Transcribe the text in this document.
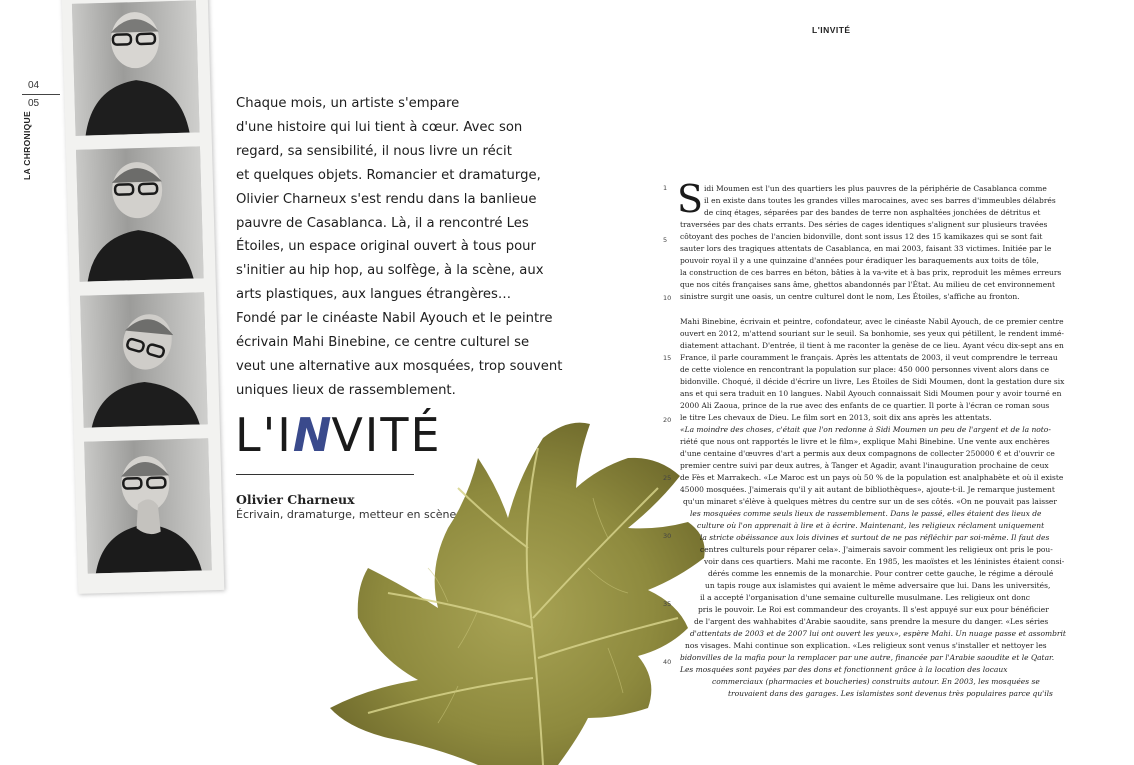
04
05
LA CHRONIQUE
Chaque mois, un artiste s'empare
d'une histoire qui lui tient à cœur. Avec son
regard, sa sensibilité, il nous livre un récit
et quelques objets. Romancier et dramaturge,
Olivier Charneux s'est rendu dans la banlieue
pauvre de Casablanca. Là, il a rencontré Les
Étoiles, un espace original ouvert à tous pour
s'initier au hip hop, au solfège, à la scène, aux
arts plastiques, aux langues étrangères…
Fondé par le cinéaste Nabil Ayouch et le peintre
écrivain Mahi Binebine, ce centre culturel se
veut une alternative aux mosquées, trop souvent
uniques lieux de rassemblement.
L'INVITÉ
Olivier Charneux
Écrivain, dramaturge, metteur en scène
L'INVITÉ
S
1
5
10
15
20
25
30
35
40
idi Moumen est l'un des quartiers les plus pauvres de la périphérie de Casablanca comme
il en existe dans toutes les grandes villes marocaines, avec ses barres d'immeubles délabrés
de cinq étages, séparées par des bandes de terre non asphaltées jonchées de détritus et
traversées par des chats errants. Des séries de cages identiques s'alignent sur plusieurs travées
côtoyant des poches de l'ancien bidonville, dont sont issus 12 des 15 kamikazes qui se sont fait
sauter lors des tragiques attentats de Casablanca, en mai 2003, faisant 33 victimes. Initiée par le
pouvoir royal il y a une quinzaine d'années pour éradiquer les baraquements aux toits de tôle,
la construction de ces barres en béton, bâties à la va-vite et à bas prix, reproduit les mêmes erreurs
que nos cités françaises sans âme, ghettos abandonnés par l'État. Au milieu de cet environnement
sinistre surgit une oasis, un centre culturel dont le nom, Les Étoiles, s'affiche au fronton.
Mahi Binebine, écrivain et peintre, cofondateur, avec le cinéaste Nabil Ayouch, de ce premier centre
ouvert en 2012, m'attend souriant sur le seuil. Sa bonhomie, ses yeux qui pétillent, le rendent immé-
diatement attachant. D'entrée, il tient à me raconter la genèse de ce lieu. Ayant vécu dix-sept ans en
France, il parle couramment le français. Après les attentats de 2003, il veut comprendre le terreau
de cette violence en rencontrant la population sur place: 450 000 personnes vivent alors dans ce
bidonville. Choqué, il décide d'écrire un livre, Les Étoiles de Sidi Moumen, dont la gestation dure six
ans et qui sera traduit en 10 langues. Nabil Ayouch connaissait Sidi Moumen pour y avoir tourné en
2000 Ali Zaoua, prince de la rue avec des enfants de ce quartier. Il porte à l'écran ce roman sous
le titre Les chevaux de Dieu. Le film sort en 2013, soit dix ans après les attentats.
«La moindre des choses, c'était que l'on redonne à Sidi Moumen un peu de l'argent et de la noto-
riété que nous ont rapportés le livre et le film», explique Mahi Binebine. Une vente aux enchères
d'une centaine d'œuvres d'art a permis aux deux compagnons de collecter 250000 € et d'ouvrir ce
premier centre suivi par deux autres, à Tanger et Agadir, avant l'inauguration prochaine de ceux
de Fès et Marrakech. «Le Maroc est un pays où 50 % de la population est analphabète et où il existe
45000 mosquées. J'aimerais qu'il y ait autant de bibliothèques», ajoute-t-il. Je remarque justement
qu'un minaret s'élève à quelques mètres du centre sur un de ses côtés. «On ne pouvait pas laisser
les mosquées comme seuls lieux de rassemblement. Dans le passé, elles étaient des lieux de
culture où l'on apprenait à lire et à écrire. Maintenant, les religieux réclament uniquement
la stricte obéissance aux lois divines et surtout de ne pas réfléchir par soi-même. Il faut des
centres culturels pour réparer cela». J'aimerais savoir comment les religieux ont pris le pou-
voir dans ces quartiers. Mahi me raconte. En 1985, les maoïstes et les léninistes étaient consi-
dérés comme les ennemis de la monarchie. Pour contrer cette gauche, le régime a déroulé
un tapis rouge aux islamistes qui avaient le même adversaire que lui. Dans les universités,
il a accepté l'organisation d'une semaine culturelle musulmane. Les religieux ont donc
pris le pouvoir. Le Roi est commandeur des croyants. Il s'est appuyé sur eux pour bénéficier
de l'argent des wahhabites d'Arabie saoudite, sans prendre la mesure du danger. «Les séries
d'attentats de 2003 et de 2007 lui ont ouvert les yeux», espère Mahi. Un nuage passe et assombrit
nos visages. Mahi continue son explication. «Les religieux sont venus s'installer et nettoyer les
bidonvilles de la mafia pour la remplacer par une autre, financée par l'Arabie saoudite et le Qatar.
Les mosquées sont payées par des dons et fonctionnent grâce à la location des locaux
commerciaux (pharmacies et boucheries) construits autour. En 2003, les mosquées se
trouvaient dans des garages. Les islamistes sont devenus très populaires parce qu'ils
